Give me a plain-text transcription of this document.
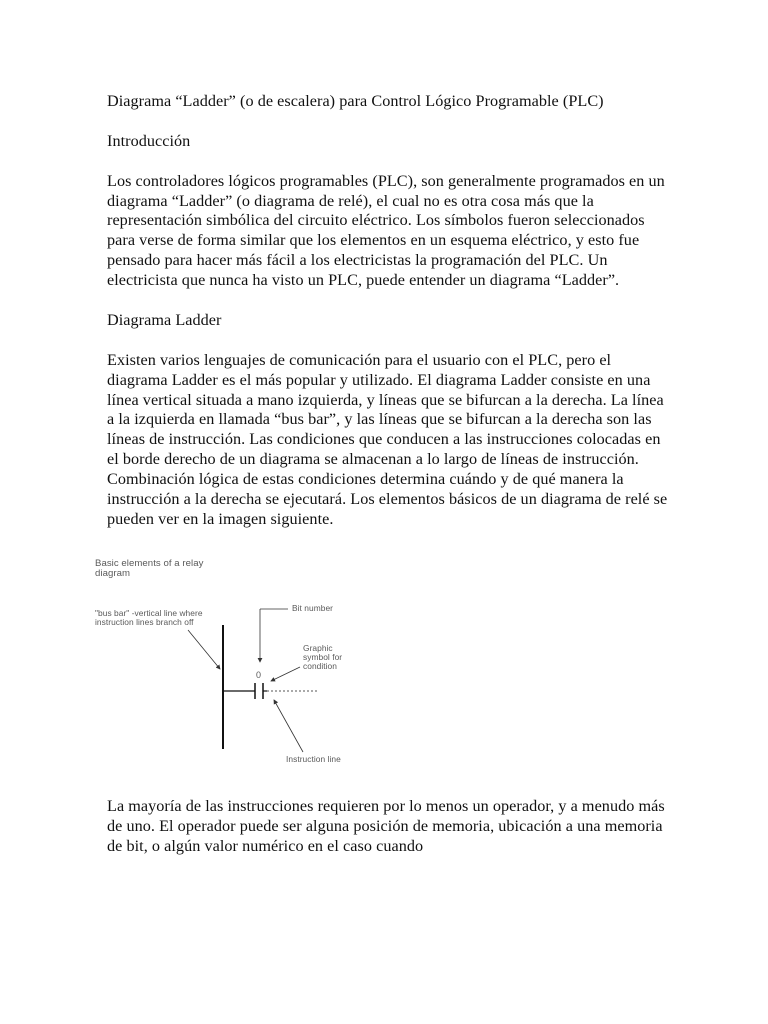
Diagrama “Ladder” (o de escalera) para Control Lógico Programable (PLC)

Introducción

Los controladores lógicos programables (PLC), son generalmente programados en un diagrama “Ladder” (o diagrama de relé), el cual no es otra cosa más que la representación simbólica del circuito eléctrico. Los símbolos fueron seleccionados para verse de forma similar que los elementos en un esquema eléctrico, y esto fue pensado para hacer más fácil a los electricistas la programación del PLC. Un electricista que nunca ha visto un PLC, puede entender un diagrama “Ladder”.

Diagrama Ladder

Existen varios lenguajes de comunicación para el usuario con el PLC, pero el diagrama Ladder es el más popular y utilizado. El diagrama Ladder consiste en una línea vertical situada a mano izquierda, y líneas que se bifurcan a la derecha. La línea a la izquierda en llamada “bus bar”, y las líneas que se bifurcan a la derecha son las líneas de instrucción. Las condiciones que conducen a las instrucciones colocadas en el borde derecho de un diagrama se almacenan a lo largo de líneas de instrucción. Combinación lógica de estas condiciones determina cuándo y de qué manera la instrucción a la derecha se ejecutará. Los elementos básicos de un diagrama de relé se pueden ver en la imagen siguiente.

Basic elements of a relay diagram
"bus bar" -vertical line where instruction lines branch off
Bit number
0
Graphic symbol for condition
Instruction line

La mayoría de las instrucciones requieren por lo menos un operador, y a menudo más de uno. El operador puede ser alguna posición de memoria, ubicación a una memoria de bit, o algún valor numérico en el caso cuando
